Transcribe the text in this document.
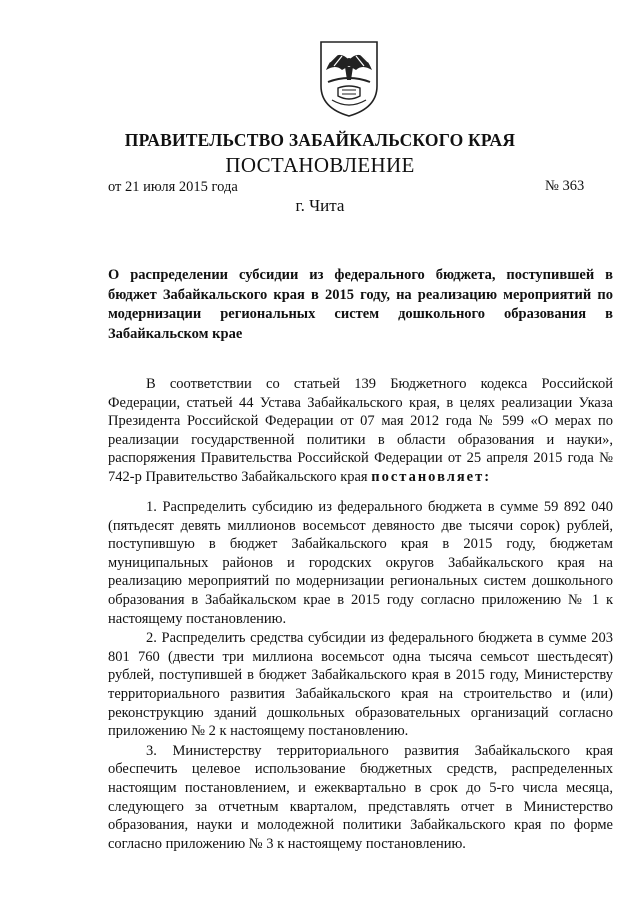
ПРАВИТЕЛЬСТВО ЗАБАЙКАЛЬСКОГО КРАЯ
ПОСТАНОВЛЕНИЕ
от 21 июля 2015 года	№ 363
г. Чита
О распределении субсидии из федерального бюджета, поступившей в бюджет Забайкальского края в 2015 году, на реализацию мероприятий по модернизации региональных систем дошкольного образования в Забайкальском крае

В соответствии со статьей 139 Бюджетного кодекса Российской Федерации, статьей 44 Устава Забайкальского края, в целях реализации Указа Президента Российской Федерации от 07 мая 2012 года № 599 «О мерах по реализации государственной политики в области образования и науки», распоряжения Правительства Российской Федерации от 25 апреля 2015 года № 742-р Правительство Забайкальского края постановляет:

1. Распределить субсидию из федерального бюджета в сумме 59 892 040 (пятьдесят девять миллионов восемьсот девяносто две тысячи сорок) рублей, поступившую в бюджет Забайкальского края в 2015 году, бюджетам муниципальных районов и городских округов Забайкальского края на реализацию мероприятий по модернизации региональных систем дошкольного образования в Забайкальском крае в 2015 году согласно приложению № 1 к настоящему постановлению.

2. Распределить средства субсидии из федерального бюджета в сумме 203 801 760 (двести три миллиона восемьсот одна тысяча семьсот шестьдесят) рублей, поступившей в бюджет Забайкальского края в 2015 году, Министерству территориального развития Забайкальского края на строительство и (или) реконструкцию зданий дошкольных образовательных организаций согласно приложению № 2 к настоящему постановлению.

3. Министерству территориального развития Забайкальского края обеспечить целевое использование бюджетных средств, распределенных настоящим постановлением, и ежеквартально в срок до 5-го числа месяца, следующего за отчетным кварталом, представлять отчет в Министерство образования, науки и молодежной политики Забайкальского края по форме согласно приложению № 3 к настоящему постановлению.
